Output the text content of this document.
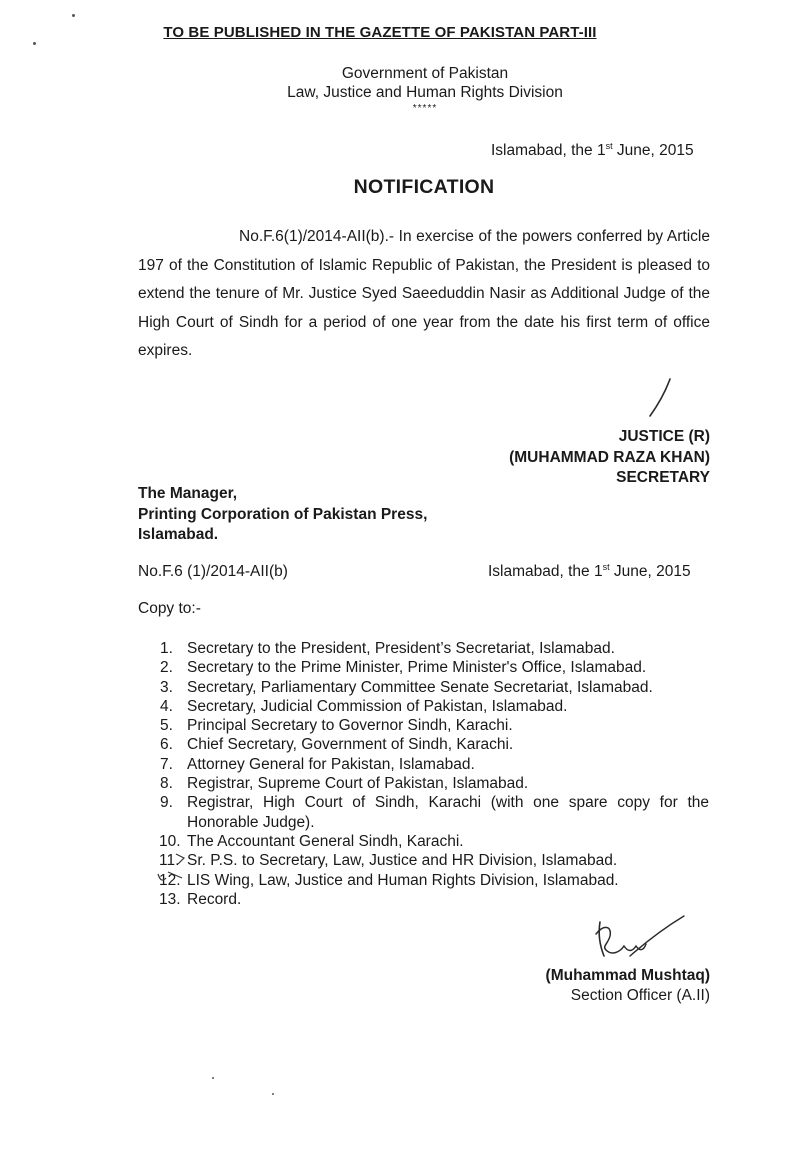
TO BE PUBLISHED IN THE GAZETTE OF PAKISTAN PART-III
Government of Pakistan
Law, Justice and Human Rights Division
*****
Islamabad, the 1st June, 2015
NOTIFICATION
No.F.6(1)/2014-AII(b).- In exercise of the powers conferred by Article 197 of the Constitution of Islamic Republic of Pakistan, the President is pleased to extend the tenure of Mr. Justice Syed Saeeduddin Nasir as Additional Judge of the High Court of Sindh for a period of one year from the date his first term of office expires.
JUSTICE (R)
(MUHAMMAD RAZA KHAN)
SECRETARY
The Manager,
Printing Corporation of Pakistan Press,
Islamabad.
No.F.6 (1)/2014-AII(b)	Islamabad, the 1st June, 2015
Copy to:-
1. Secretary to the President, President’s Secretariat, Islamabad.
2. Secretary to the Prime Minister, Prime Minister's Office, Islamabad.
3. Secretary, Parliamentary Committee Senate Secretariat, Islamabad.
4. Secretary, Judicial Commission of Pakistan, Islamabad.
5. Principal Secretary to Governor Sindh, Karachi.
6. Chief Secretary, Government of Sindh, Karachi.
7. Attorney General for Pakistan, Islamabad.
8. Registrar, Supreme Court of Pakistan, Islamabad.
9. Registrar, High Court of Sindh, Karachi (with one spare copy for the Honorable Judge).
10. The Accountant General Sindh, Karachi.
11. Sr. P.S. to Secretary, Law, Justice and HR Division, Islamabad.
12. LIS Wing, Law, Justice and Human Rights Division, Islamabad.
13. Record.
(Muhammad Mushtaq)
Section Officer (A.II)
